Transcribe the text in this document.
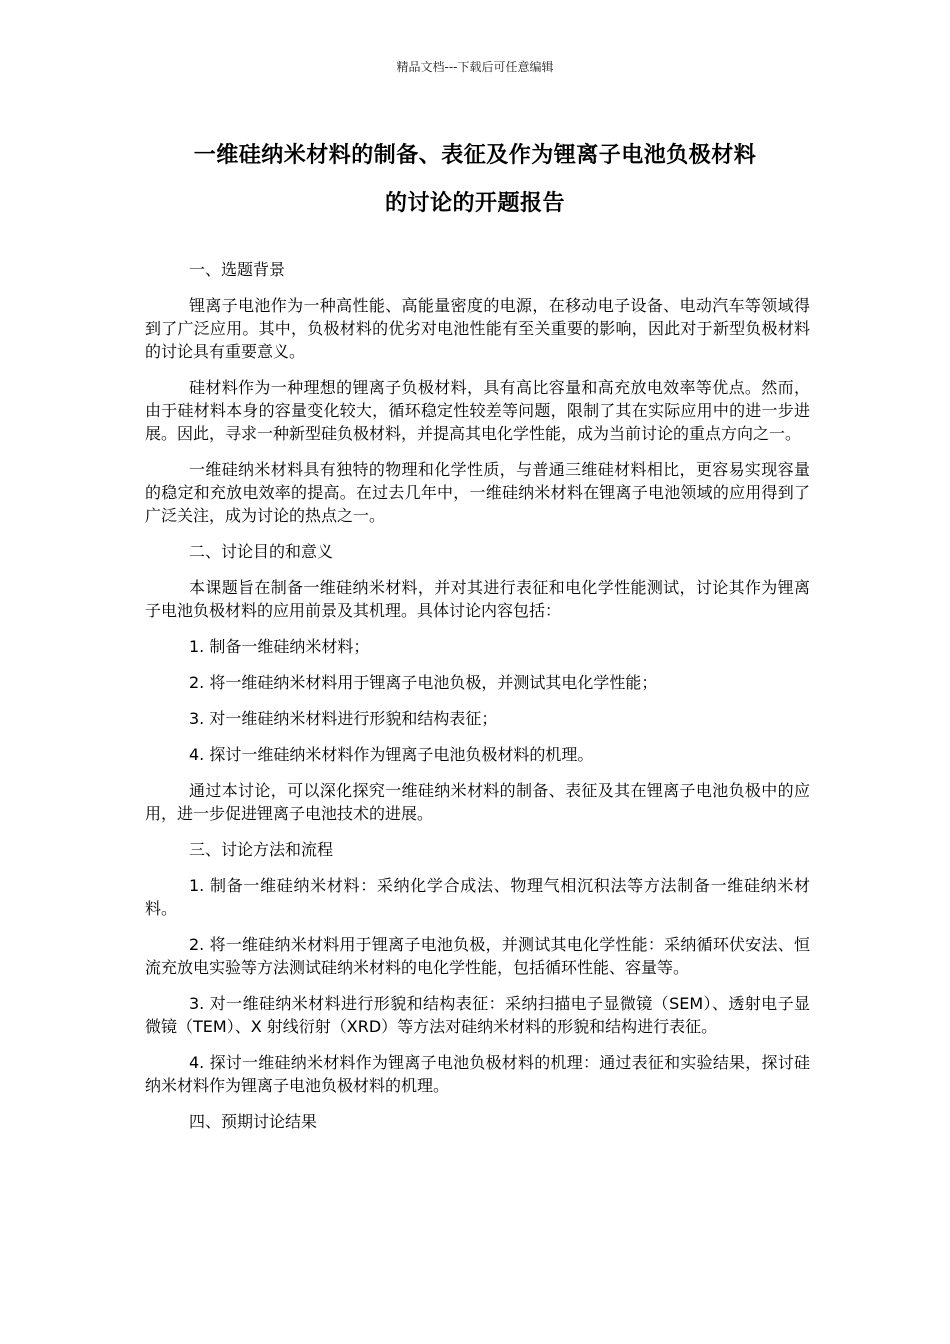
精品文档---下载后可任意编辑
一维硅纳米材料的制备、表征及作为锂离子电池负极材料
的讨论的开题报告

一、选题背景

锂离子电池作为一种高性能、高能量密度的电源，在移动电子设备、电动汽车等领域得到了广泛应用。其中，负极材料的优劣对电池性能有至关重要的影响，因此对于新型负极材料的讨论具有重要意义。

硅材料作为一种理想的锂离子负极材料，具有高比容量和高充放电效率等优点。然而，由于硅材料本身的容量变化较大，循环稳定性较差等问题，限制了其在实际应用中的进一步进展。因此，寻求一种新型硅负极材料，并提高其电化学性能，成为当前讨论的重点方向之一。

一维硅纳米材料具有独特的物理和化学性质，与普通三维硅材料相比，更容易实现容量的稳定和充放电效率的提高。在过去几年中，一维硅纳米材料在锂离子电池领域的应用得到了广泛关注，成为讨论的热点之一。

二、讨论目的和意义

本课题旨在制备一维硅纳米材料，并对其进行表征和电化学性能测试，讨论其作为锂离子电池负极材料的应用前景及其机理。具体讨论内容包括：

1. 制备一维硅纳米材料；

2. 将一维硅纳米材料用于锂离子电池负极，并测试其电化学性能；

3. 对一维硅纳米材料进行形貌和结构表征；

4. 探讨一维硅纳米材料作为锂离子电池负极材料的机理。

通过本讨论，可以深化探究一维硅纳米材料的制备、表征及其在锂离子电池负极中的应用，进一步促进锂离子电池技术的进展。

三、讨论方法和流程

1. 制备一维硅纳米材料：采纳化学合成法、物理气相沉积法等方法制备一维硅纳米材料。

2. 将一维硅纳米材料用于锂离子电池负极，并测试其电化学性能：采纳循环伏安法、恒流充放电实验等方法测试硅纳米材料的电化学性能，包括循环性能、容量等。

3. 对一维硅纳米材料进行形貌和结构表征：采纳扫描电子显微镜（SEM）、透射电子显微镜（TEM）、X 射线衍射（XRD）等方法对硅纳米材料的形貌和结构进行表征。

4. 探讨一维硅纳米材料作为锂离子电池负极材料的机理：通过表征和实验结果，探讨硅纳米材料作为锂离子电池负极材料的机理。

四、预期讨论结果
